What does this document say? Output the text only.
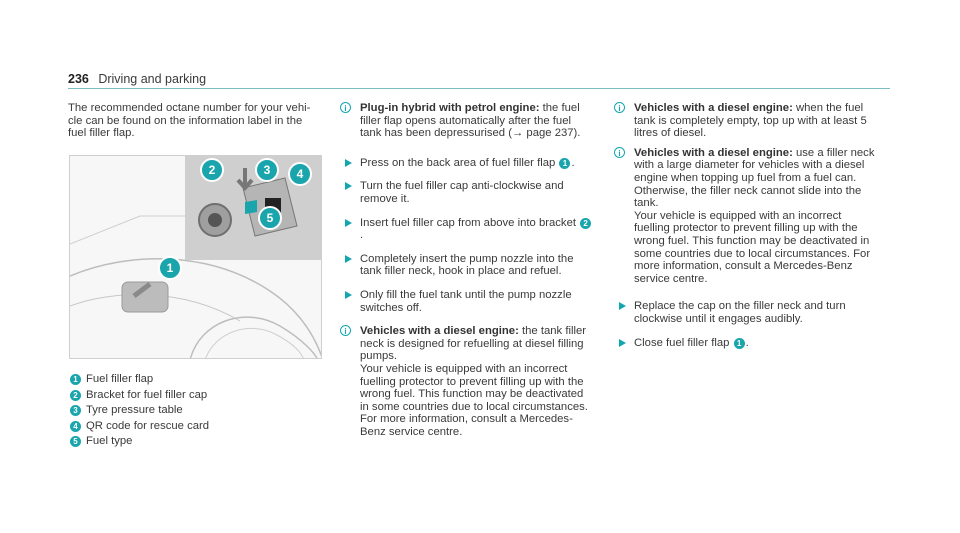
236 Driving and parking

The recommended octane number for your vehi- cle can be found on the information label in the fuel filler flap.

1
2	3	4
5
1 Fuel filler flap
2 Bracket for fuel filler cap
3 Tyre pressure table
4 QR code for rescue card
5 Fuel type
i	Plug-in hybrid with petrol engine: the fuel filler flap opens automatically after the fuel tank has been depressurised (→ page 237).
Press on the back area of fuel filler flap 1 .
Turn the fuel filler cap anti-clockwise and remove it.
Insert fuel filler cap from above into bracket 2.
Completely insert the pump nozzle into the tank filler neck, hook in place and refuel.
Only fill the fuel tank until the pump nozzle switches off.
i	Vehicles with a diesel engine: the tank filler neck is designed for refuelling at diesel filling pumps.
Your vehicle is equipped with an incorrect fuelling protector to prevent filling up with the wrong fuel. This function may be deactivated in some countries due to local circumstances. For more information, consult a Mercedes-Benz service centre.
i	Vehicles with a diesel engine: when the fuel tank is completely empty, top up with at least 5 litres of diesel.
i	Vehicles with a diesel engine: use a filler neck with a large diameter for vehicles with a diesel engine when topping up fuel from a fuel can. Otherwise, the filler neck cannot slide into the tank.
Your vehicle is equipped with an incorrect fuelling protector to prevent filling up with the wrong fuel. This function may be deactivated in some countries due to local circumstances. For more information, consult a Mercedes-Benz service centre.
Replace the cap on the filler neck and turn clockwise until it engages audibly.
Close fuel filler flap 1 .
